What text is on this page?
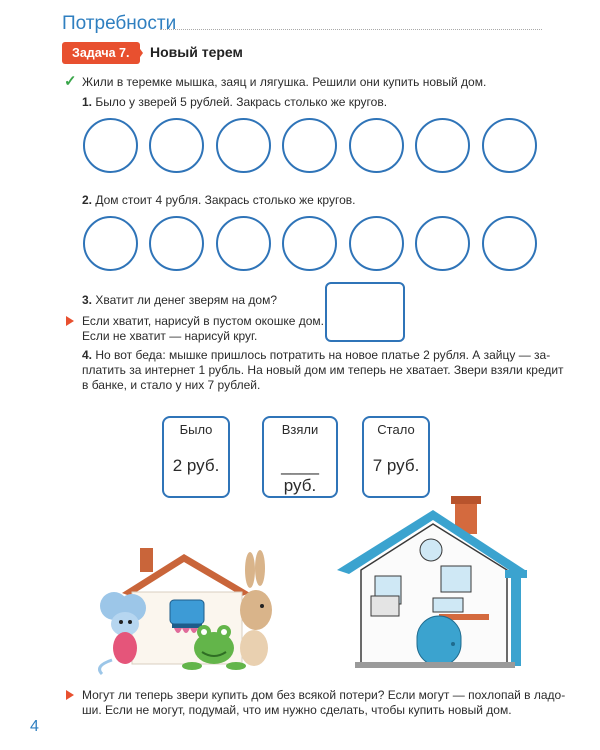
Потребности
Задача 7.	Новый терем
✓ Жили в теремке мышка, заяц и лягушка. Решили они купить новый дом.
1. Было у зверей 5 рублей. Закрась столько же кругов.
2. Дом стоит 4 рубля. Закрась столько же кругов.
3. Хватит ли денег зверям на дом?
Если хватит, нарисуй в пустом окошке дом.
Если не хватит — нарисуй круг.
4. Но вот беда: мышке пришлось потратить на новое платье 2 рубля. А зайцу — за-
платить за интернет 1 рубль. На новый дом им теперь не хватает. Звери взяли кредит
в банке, и стало у них 7 рублей.
Было
2 руб.
Взяли
____ руб.
Стало
7 руб.
Могут ли теперь звери купить дом без всякой потери? Если могут — похлопай в ладо-
ши. Если не могут, подумай, что им нужно сделать, чтобы купить новый дом.
4
